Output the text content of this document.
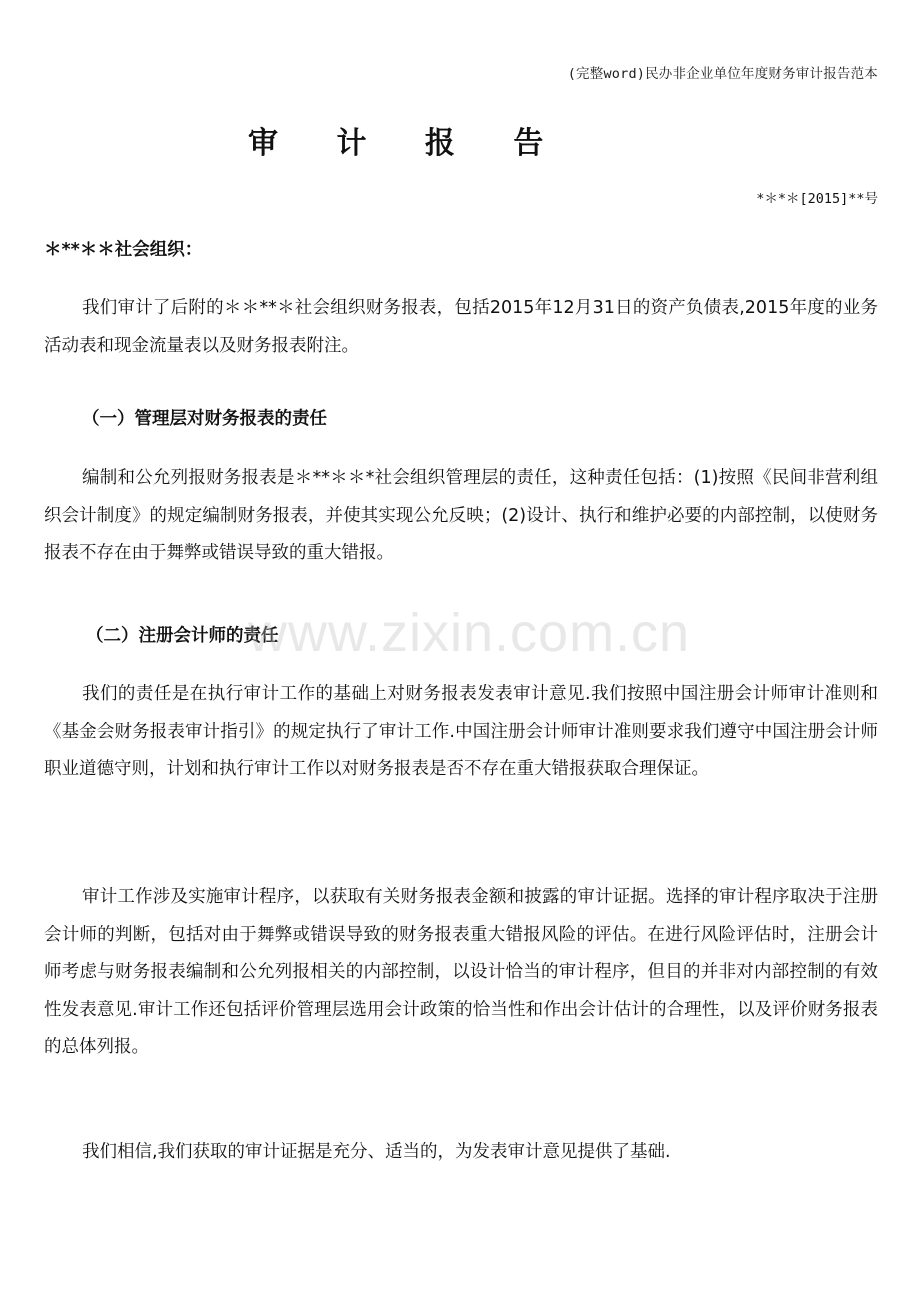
(完整word)民办非企业单位年度财务审计报告范本
审 计 报 告
*＊*＊[2015]**号
＊**＊＊社会组织：

我们审计了后附的＊＊**＊社会组织财务报表，包括2015年12月31日的资产负债表,2015年度的业务活动表和现金流量表以及财务报表附注。

（一）管理层对财务报表的责任

编制和公允列报财务报表是＊**＊＊*社会组织管理层的责任，这种责任包括：(1)按照《民间非营利组织会计制度》的规定编制财务报表，并使其实现公允反映；(2)设计、执行和维护必要的内部控制，以使财务报表不存在由于舞弊或错误导致的重大错报。

（二）注册会计师的责任
www.zixin.com.cn

我们的责任是在执行审计工作的基础上对财务报表发表审计意见.我们按照中国注册会计师审计准则和《基金会财务报表审计指引》的规定执行了审计工作.中国注册会计师审计准则要求我们遵守中国注册会计师职业道德守则，计划和执行审计工作以对财务报表是否不存在重大错报获取合理保证。

审计工作涉及实施审计程序，以获取有关财务报表金额和披露的审计证据。选择的审计程序取决于注册会计师的判断，包括对由于舞弊或错误导致的财务报表重大错报风险的评估。在进行风险评估时，注册会计师考虑与财务报表编制和公允列报相关的内部控制，以设计恰当的审计程序，但目的并非对内部控制的有效性发表意见.审计工作还包括评价管理层选用会计政策的恰当性和作出会计估计的合理性，以及评价财务报表的总体列报。

我们相信,我们获取的审计证据是充分、适当的，为发表审计意见提供了基础.
